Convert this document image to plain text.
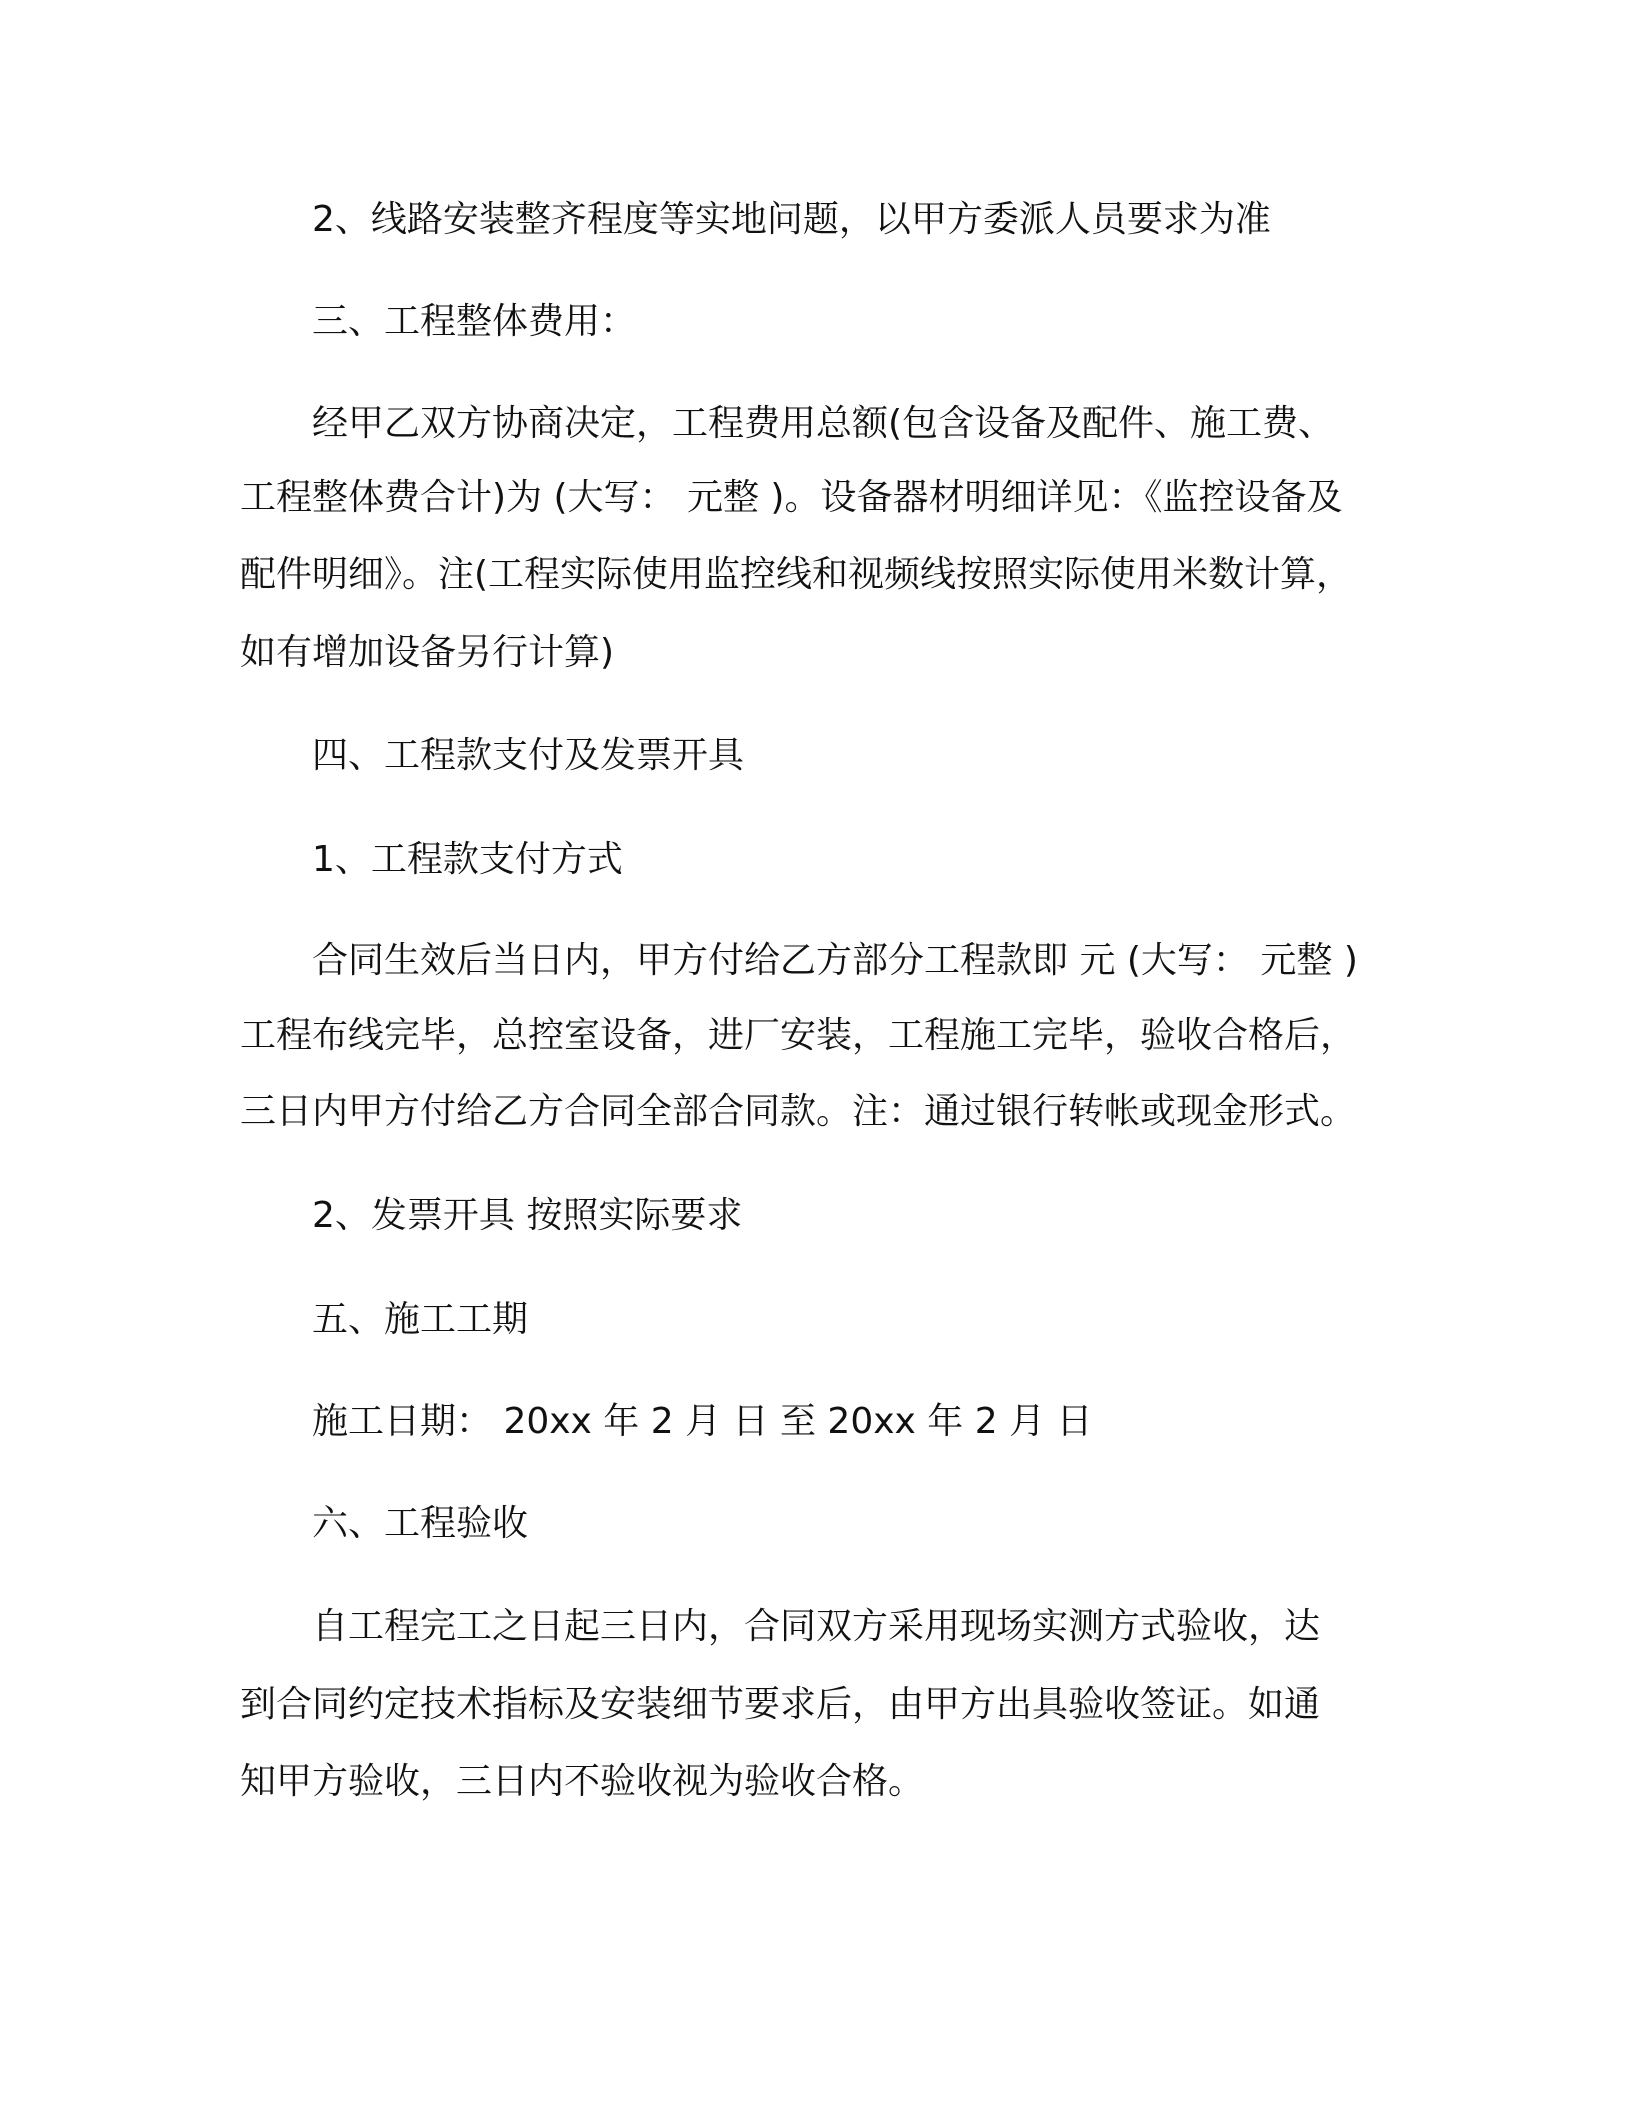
2、线路安装整齐程度等实地问题，以甲方委派人员要求为准
三、工程整体费用：
经甲乙双方协商决定，工程费用总额(包含设备及配件、施工费、
工程整体费合计)为 (大写： 元整 )。设备器材明细详见：《监控设备及
配件明细》。注(工程实际使用监控线和视频线按照实际使用米数计算，
如有增加设备另行计算)
四、工程款支付及发票开具
1、工程款支付方式
合同生效后当日内，甲方付给乙方部分工程款即 元 (大写： 元整 )
工程布线完毕，总控室设备，进厂安装，工程施工完毕，验收合格后，
三日内甲方付给乙方合同全部合同款。注：通过银行转帐或现金形式。
2、发票开具 按照实际要求
五、施工工期
施工日期： 20xx 年 2 月 日 至 20xx 年 2 月 日
六、工程验收
自工程完工之日起三日内，合同双方采用现场实测方式验收，达
到合同约定技术指标及安装细节要求后，由甲方出具验收签证。如通
知甲方验收，三日内不验收视为验收合格。
